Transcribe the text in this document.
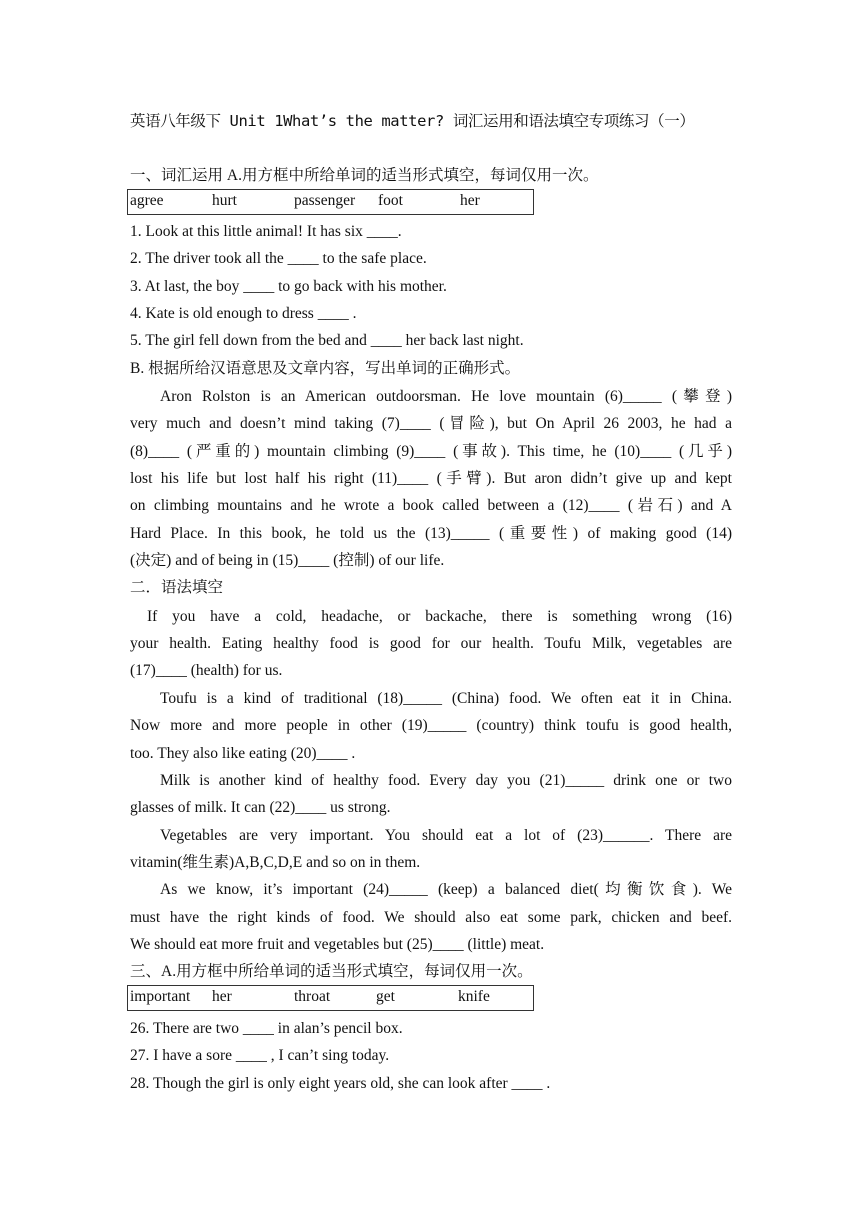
英语八年级下 Unit 1What’s the matter? 词汇运用和语法填空专项练习（一）
一、词汇运用 A.用方框中所给单词的适当形式填空，每词仅用一次。
agree	hurt	passenger foot	her
1. Look at this little animal! It has six ____.
2. The driver took all the ____ to the safe place.
3. At last, the boy ____ to go back with his mother.
4. Kate is old enough to dress ____ .
5. The girl fell down from the bed and ____ her back last night.
B. 根据所给汉语意思及文章内容，写出单词的正确形式。
Aron Rolston is an American outdoorsman. He love mountain (6)_____ (攀登)
very much and doesn’t mind taking (7)____ (冒险), but On April 26 2003, he had a
(8)____ (严重的) mountain climbing (9)____ (事故). This time, he (10)____ (几乎)
lost his life but lost half his right (11)____ (手臂). But aron didn’t give up and kept
on climbing mountains and he wrote a book called between a (12)____ (岩石) and A
Hard Place. In this book, he told us the (13)_____ (重要性) of making good (14)
(决定) and of being in (15)____ (控制) of our life.
二．语法填空
If you have a cold, headache, or backache, there is something wrong (16)
your health. Eating healthy food is good for our health. Toufu Milk, vegetables are
(17)____ (health) for us.
Toufu is a kind of traditional (18)_____ (China) food. We often eat it in China.
Now more and more people in other (19)_____ (country) think toufu is good health,
too. They also like eating (20)____ .
Milk is another kind of healthy food. Every day you (21)_____ drink one or two
glasses of milk. It can (22)____ us strong.
Vegetables are very important. You should eat a lot of (23)______. There are
vitamin(维生素)A,B,C,D,E and so on in them.
As we know, it’s important (24)_____ (keep) a balanced diet(均衡饮食). We
must have the right kinds of food. We should also eat some park, chicken and beef.
We should eat more fruit and vegetables but (25)____ (little) meat.
三、A.用方框中所给单词的适当形式填空，每词仅用一次。
important her	throat	get	knife
26. There are two ____ in alan’s pencil box.
27. I have a sore ____ , I can’t sing today.
28. Though the girl is only eight years old, she can look after ____ .
